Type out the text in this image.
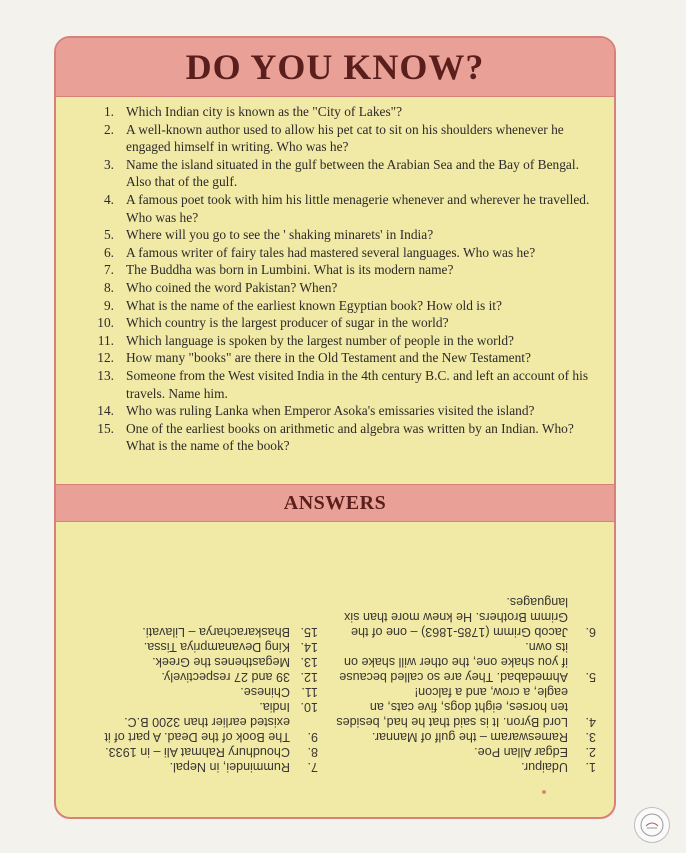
DO YOU KNOW?
1. Which Indian city is known as the "City of Lakes"?
2. A well-known author used to allow his pet cat to sit on his shoulders whenever he engaged himself in writing. Who was he?
3. Name the island situated in the gulf between the Arabian Sea and the Bay of Bengal. Also that of the gulf.
4. A famous poet took with him his little menagerie whenever and wherever he travelled. Who was he?
5. Where will you go to see the ' shaking minarets' in India?
6. A famous writer of fairy tales had mastered several languages. Who was he?
7. The Buddha was born in Lumbini. What is its modern name?
8. Who coined the word Pakistan? When?
9. What is the name of the earliest known Egyptian book? How old is it?
10. Which country is the largest producer of sugar in the world?
11. Which language is spoken by the largest number of people in the world?
12. How many "books" are there in the Old Testament and the New Testament?
13. Someone from the West visited India in the 4th century B.C. and left an account of his travels. Name him.
14. Who was ruling Lanka when Emperor Asoka's emissaries visited the island?
15. One of the earliest books on arithmetic and algebra was written by an Indian. Who? What is the name of the book?
ANSWERS
1.
Udaipur.
2.
Edgar Allan Poe.
3.
Rameswaram – the gulf of Mannar.
4.
Lord Byron. It is said that he had, besides ten horses, eight dogs, five cats, an eagle, a crow, and a falcon!
5.
Ahmedabad. They are so called because if you shake one, the other will shake on its own.
6.
Jacob Grimm (1785-1863) – one of the Grimm Brothers. He knew more than six languages.
7.
Rummindei, in Nepal.
8.
Choudhury Rahmat Ali – in 1933.
9.
The Book of the Dead. A part of it existed earlier than 3200 B.C.
10.
India.
11.
Chinese.
12.
39 and 27 respectively.
13.
Megasthenes the Greek.
14.
King Devanampriya Tissa.
15.
Bhaskaracharya – Lilavati.
